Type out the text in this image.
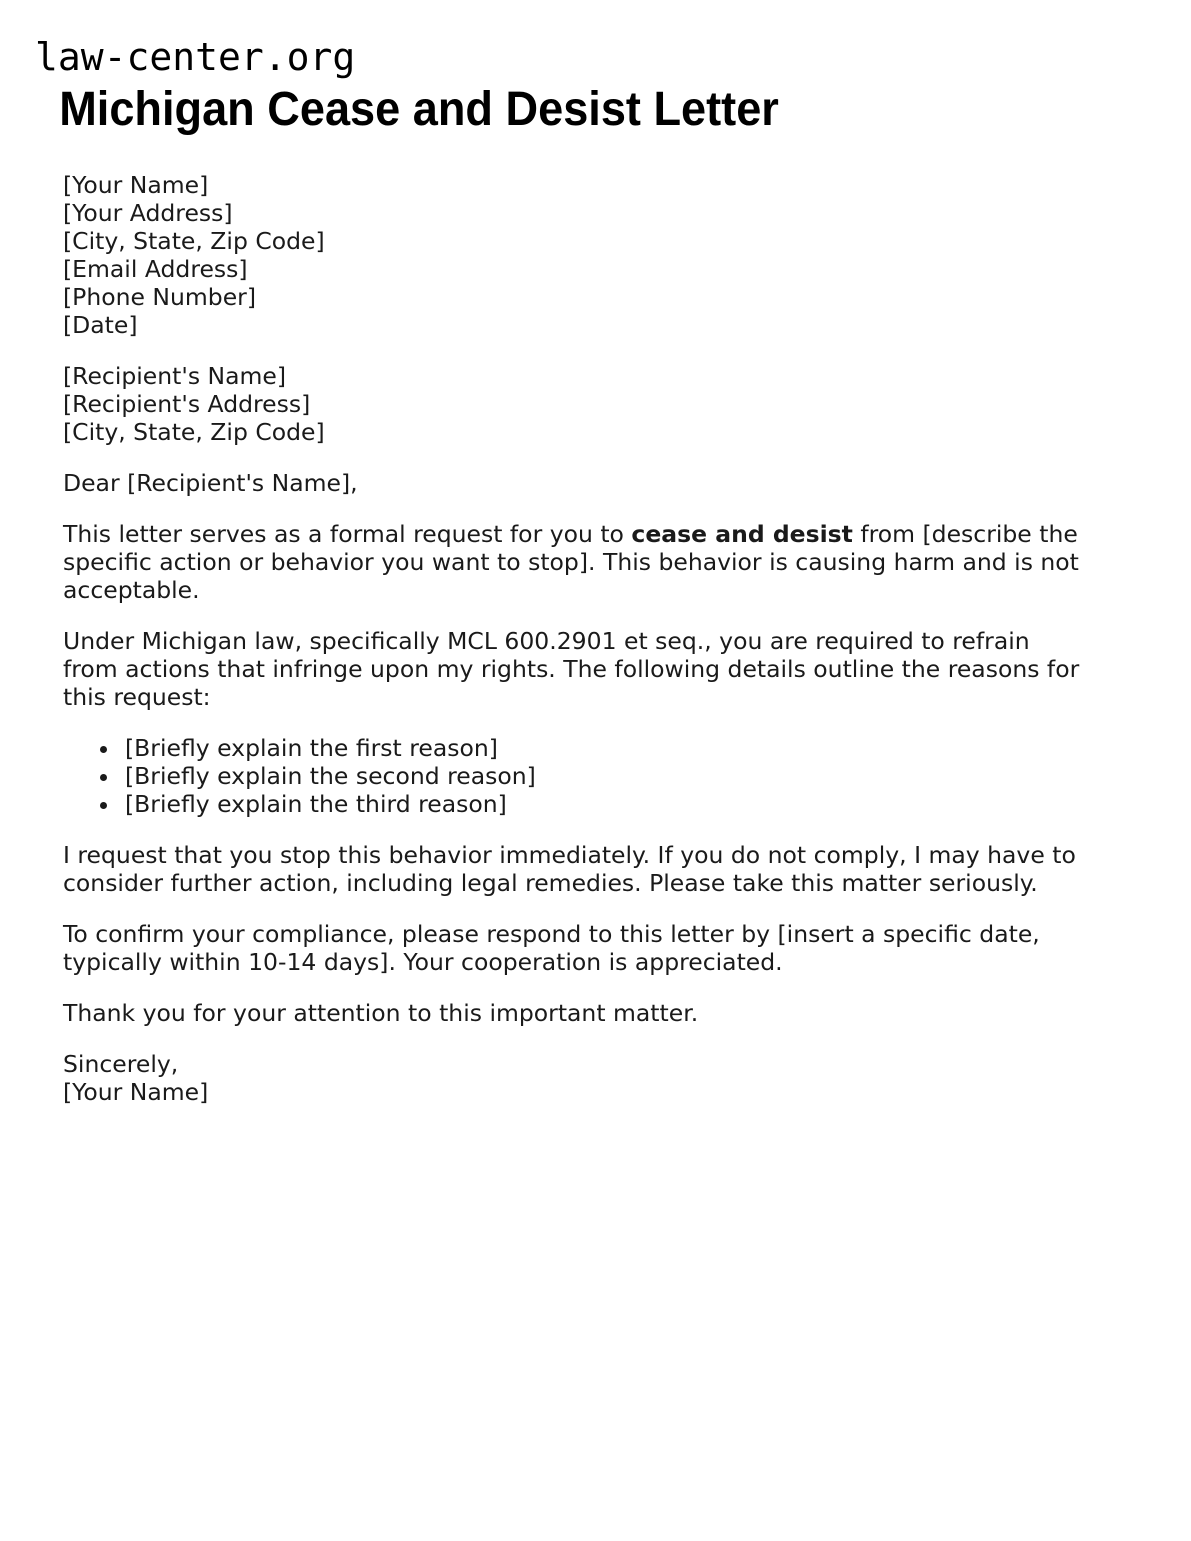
law-center.org
Michigan Cease and Desist Letter
[Your Name]
[Your Address]
[City, State, Zip Code]
[Email Address]
[Phone Number]
[Date]
[Recipient's Name]
[Recipient's Address]
[City, State, Zip Code]
Dear [Recipient's Name],

This letter serves as a formal request for you to cease and desist from [describe the specific action or behavior you want to stop]. This behavior is causing harm and is not acceptable.

Under Michigan law, specifically MCL 600.2901 et seq., you are required to refrain from actions that infringe upon my rights. The following details outline the reasons for this request:

• [Briefly explain the first reason]
• [Briefly explain the second reason]
• [Briefly explain the third reason]

I request that you stop this behavior immediately. If you do not comply, I may have to consider further action, including legal remedies. Please take this matter seriously.

To confirm your compliance, please respond to this letter by [insert a specific date, typically within 10-14 days]. Your cooperation is appreciated.

Thank you for your attention to this important matter.

Sincerely,
[Your Name]
